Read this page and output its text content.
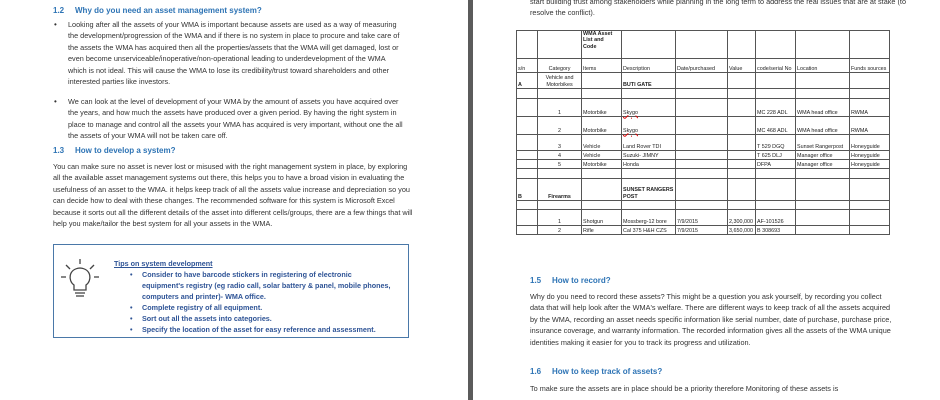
1.2 Why do you need an asset management system?
• Looking after all the assets of your WMA is important because assets are used as a way of measuring the development/progression of the WMA and if there is no system in place to procure and take care of the assets the WMA has acquired then all the properties/assets that the WMA will get damaged, lost or even become unserviceable/inoperative/non-operational leading to underdevelopment of the WMA which is not ideal. This will cause the WMA to lose its credibility/trust toward shareholders and other interested parties like investors.
• We can look at the level of development of your WMA by the amount of assets you have acquired over the years, and how much the assets have produced over a given period. By having the right system in place to manage and control all the assets your WMA has acquired is very important, without one the all the assets of your WMA will not be taken care off.
1.3 How to develop a system?
You can make sure no asset is never lost or misused with the right management system in place, by exploring all the available asset management systems out there, this helps you to have a broad vision in evaluating the usefulness of an asset to the WMA. it helps keep track of all the assets value increase and depreciation so you can decide how to deal with these changes. The recommended software for this system is Microsoft Excel because it sorts out all the different details of the asset into different cells/groups, there are a few things that will help you make/tailor the best system for all your assets in the WMA.
Tips on system development
• Consider to have barcode stickers in registering of electronic equipment's registry (eg radio call, solar battery & panel, mobile phones, computers and printer)- WMA office.
• Complete registry of all equipment.
• Sort out all the assets into categories.
• Specify the location of the asset for easy reference and assessment.
start building trust among stakeholders while planning in the long term to address the real issues that are at stake (to resolve the conflict).

		WMA Asset
List and
Code						

s/n	Category	Items	Description	Date/purchased	Value	code/serial No	Location	Funds sources
A	Vehicle and Motorbikes		BUTI GATE					

	1	Motorbike	Skygo			MC 228 ADL	WMA head office	RWMA
	2	Motorbike	Skygo			MC 468 ADL	WMA head office	RWMA
	3	Vehicle	Land Rover TDI			T 529 DGQ	Sunset Rangerpost	Honeyguide
	4	Vehicle	Suzuki- JIMNY			T 625 DLJ	Manager office	Honeyguide
	5	Motorbike	Honda			DFPA	Manager office	Honeyguide

B	Firearms		SUNSET RANGERS POST					

	1	Shotgun	Mossberg-12 bore	7/9/2015	2,300,000	AF-101526		
	2	Rifle	Cal 375 H&H CZS	7/9/2015	3,650,000	B 308693		
1.5 How to record?
Why do you need to record these assets? This might be a question you ask yourself, by recording you collect data that will help look after the WMA's welfare. There are different ways to keep track of all the assets acquired by the WMA, recording an asset needs specific information like serial number, date of purchase, purchase price, insurance coverage, and warranty information. The recorded information gives all the assets of the WMA unique identities making it easier for you to track its progress and utilization.
1.6 How to keep track of assets?
To make sure the assets are in place should be a priority therefore Monitoring of these assets is
